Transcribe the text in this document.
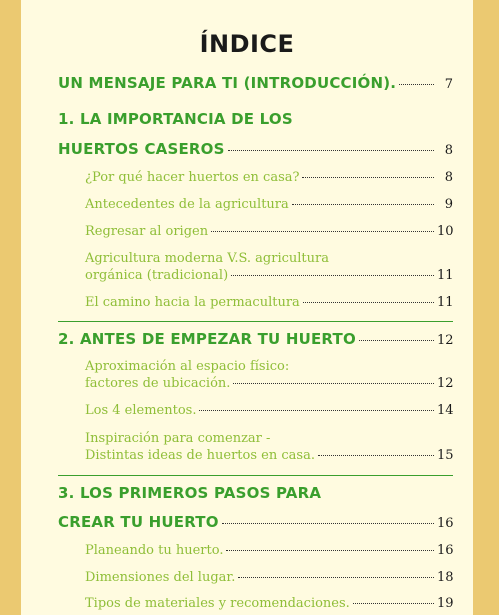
ÍNDICE
UN MENSAJE PARA TI (INTRODUCCIÓN).	7
1. LA IMPORTANCIA DE LOS
HUERTOS CASEROS	8
¿Por qué hacer huertos en casa?	8
Antecedentes de la agricultura	9
Regresar al origen	10
Agricultura moderna V.S. agricultura
orgánica (tradicional)	11
El camino hacia la permacultura	11
2. ANTES DE EMPEZAR TU HUERTO	12
Aproximación al espacio físico:
factores de ubicación.	12
Los 4 elementos.	14
Inspiración para comenzar -
Distintas ideas de huertos en casa.	15
3. LOS PRIMEROS PASOS PARA
CREAR TU HUERTO	16
Planeando tu huerto.	16
Dimensiones del lugar.	18
Tipos de materiales y recomendaciones.	19
